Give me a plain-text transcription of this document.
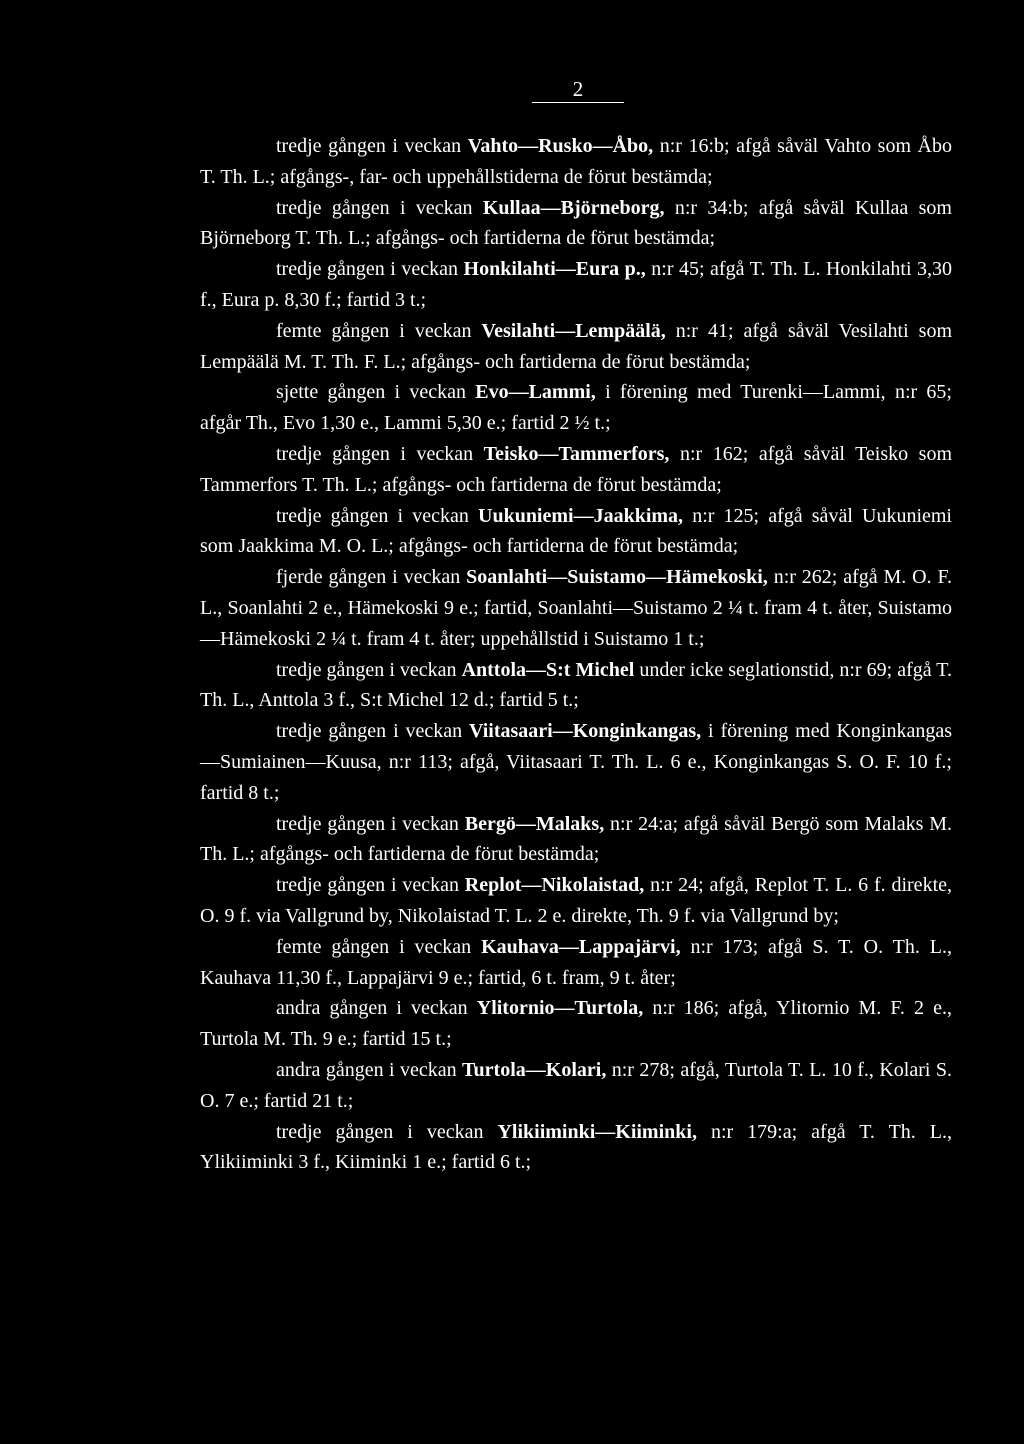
2

tredje gången i veckan Vahto—Rusko—Åbo, n:r 16:b; afgå såväl Vahto som Åbo T. Th. L.; afgångs-, far- och uppehållstiderna de förut bestämda;

tredje gången i veckan Kullaa—Björneborg, n:r 34:b; afgå såväl Kullaa som Björneborg T. Th. L.; afgångs- och fartiderna de förut bestämda;

tredje gången i veckan Honkilahti—Eura p., n:r 45; afgå T. Th. L. Honkilahti 3,30 f., Eura p. 8,30 f.; fartid 3 t.;

femte gången i veckan Vesilahti—Lempäälä, n:r 41; afgå såväl Vesilahti som Lempäälä M. T. Th. F. L.; afgångs- och fartiderna de förut bestämda;

sjette gången i veckan Evo—Lammi, i förening med Turenki—Lammi, n:r 65; afgår Th., Evo 1,30 e., Lammi 5,30 e.; fartid 2 ½ t.;

tredje gången i veckan Teisko—Tammerfors, n:r 162; afgå såväl Teisko som Tammerfors T. Th. L.; afgångs- och fartiderna de förut bestämda;

tredje gången i veckan Uukuniemi—Jaakkima, n:r 125; afgå såväl Uukuniemi som Jaakkima M. O. L.; afgångs- och fartiderna de förut bestämda;

fjerde gången i veckan Soanlahti—Suistamo—Hämekoski, n:r 262; afgå M. O. F. L., Soanlahti 2 e., Hämekoski 9 e.; fartid, Soanlahti—Suistamo 2 ¼ t. fram 4 t. åter, Suistamo—Hämekoski 2 ¼ t. fram 4 t. åter; uppehållstid i Suistamo 1 t.;

tredje gången i veckan Anttola—S:t Michel under icke seglationstid, n:r 69; afgå T. Th. L., Anttola 3 f., S:t Michel 12 d.; fartid 5 t.;

tredje gången i veckan Viitasaari—Konginkangas, i förening med Konginkangas—Sumiainen—Kuusa, n:r 113; afgå, Viitasaari T. Th. L. 6 e., Konginkangas S. O. F. 10 f.; fartid 8 t.;

tredje gången i veckan Bergö—Malaks, n:r 24:a; afgå såväl Bergö som Malaks M. Th. L.; afgångs- och fartiderna de förut bestämda;

tredje gången i veckan Replot—Nikolaistad, n:r 24; afgå, Replot T. L. 6 f. direkte, O. 9 f. via Vallgrund by, Nikolaistad T. L. 2 e. direkte, Th. 9 f. via Vallgrund by;

femte gången i veckan Kauhava—Lappajärvi, n:r 173; afgå S. T. O. Th. L., Kauhava 11,30 f., Lappajärvi 9 e.; fartid, 6 t. fram, 9 t. åter;

andra gången i veckan Ylitornio—Turtola, n:r 186; afgå, Ylitornio M. F. 2 e., Turtola M. Th. 9 e.; fartid 15 t.;

andra gången i veckan Turtola—Kolari, n:r 278; afgå, Turtola T. L. 10 f., Kolari S. O. 7 e.; fartid 21 t.;

tredje gången i veckan Ylikiiminki—Kiiminki, n:r 179:a; afgå T. Th. L., Ylikiiminki 3 f., Kiiminki 1 e.; fartid 6 t.;
